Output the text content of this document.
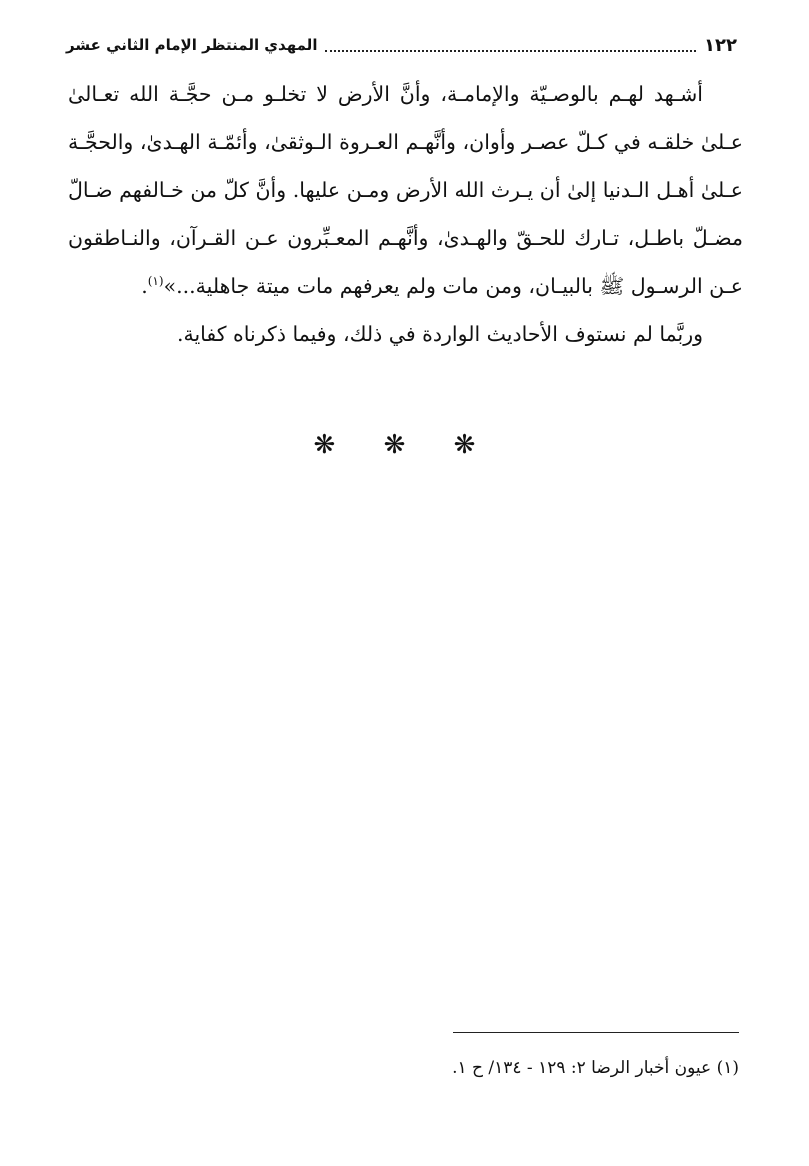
١٢٢
المهدي المنتظر الإمام الثاني عشر

أشـهد لهـم بالوصـيّة والإمامـة، وأنَّ الأرض لا تخلـو مـن حجَّـة الله تعـالىٰ عـلىٰ خلقـه في كـلّ عصـر وأوان، وأنَّهـم العـروة الـوثقىٰ، وأئمّـة الهـدىٰ، والحجَّـة عـلىٰ أهـل الـدنيا إلىٰ أن يـرث الله الأرض ومـن عليها. وأنَّ كلّ من خـالفهم ضـالّ مضـلّ باطـل، تـارك للحـقّ والهـدىٰ، وأنَّهـم المعـبِّرون عـن القـرآن، والنـاطقون عـن الرسـول ﷺ بالبيـان، ومن مات ولم يعرفهم مات ميتة جاهلية...»$^{(١)}$.

وربَّما لم نستوف الأحاديث الواردة في ذلك، وفيما ذكرناه كفاية.

❋ ❋ ❋
(١) عيون أخبار الرضا ٢: ١٢٩ - ١٣٤/ ح ١.
